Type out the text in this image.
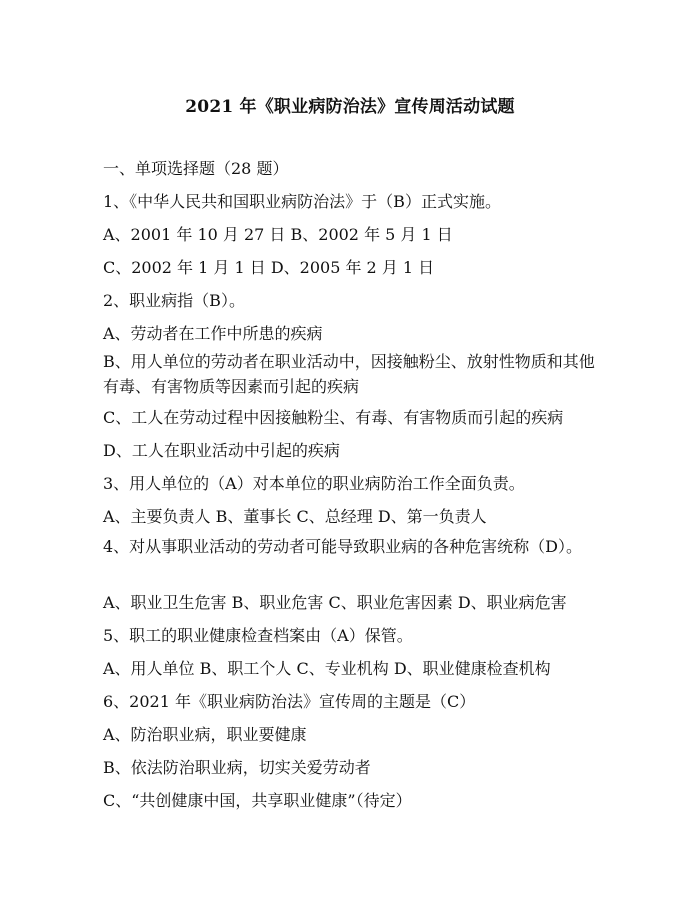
2021 年《职业病防治法》宣传周活动试题
一、单项选择题（28 题）
1、《中华人民共和国职业病防治法》于（B）正式实施。
A、2001 年 10 月 27 日 B、2002 年 5 月 1 日
C、2002 年 1 月 1 日 D、2005 年 2 月 1 日
2、职业病指（B）。
A、劳动者在工作中所患的疾病
B、用人单位的劳动者在职业活动中，因接触粉尘、放射性物质和其他有毒、有害物质等因素而引起的疾病
C、工人在劳动过程中因接触粉尘、有毒、有害物质而引起的疾病
D、工人在职业活动中引起的疾病
3、用人单位的（A）对本单位的职业病防治工作全面负责。
A、主要负责人 B、董事长 C、总经理 D、第一负责人
4、对从事职业活动的劳动者可能导致职业病的各种危害统称（D）。
A、职业卫生危害 B、职业危害 C、职业危害因素 D、职业病危害
5、职工的职业健康检查档案由（A）保管。
A、用人单位 B、职工个人 C、专业机构 D、职业健康检查机构
6、2021 年《职业病防治法》宣传周的主题是（C）
A、防治职业病，职业要健康
B、依法防治职业病，切实关爱劳动者
C、“共创健康中国，共享职业健康”（待定）
